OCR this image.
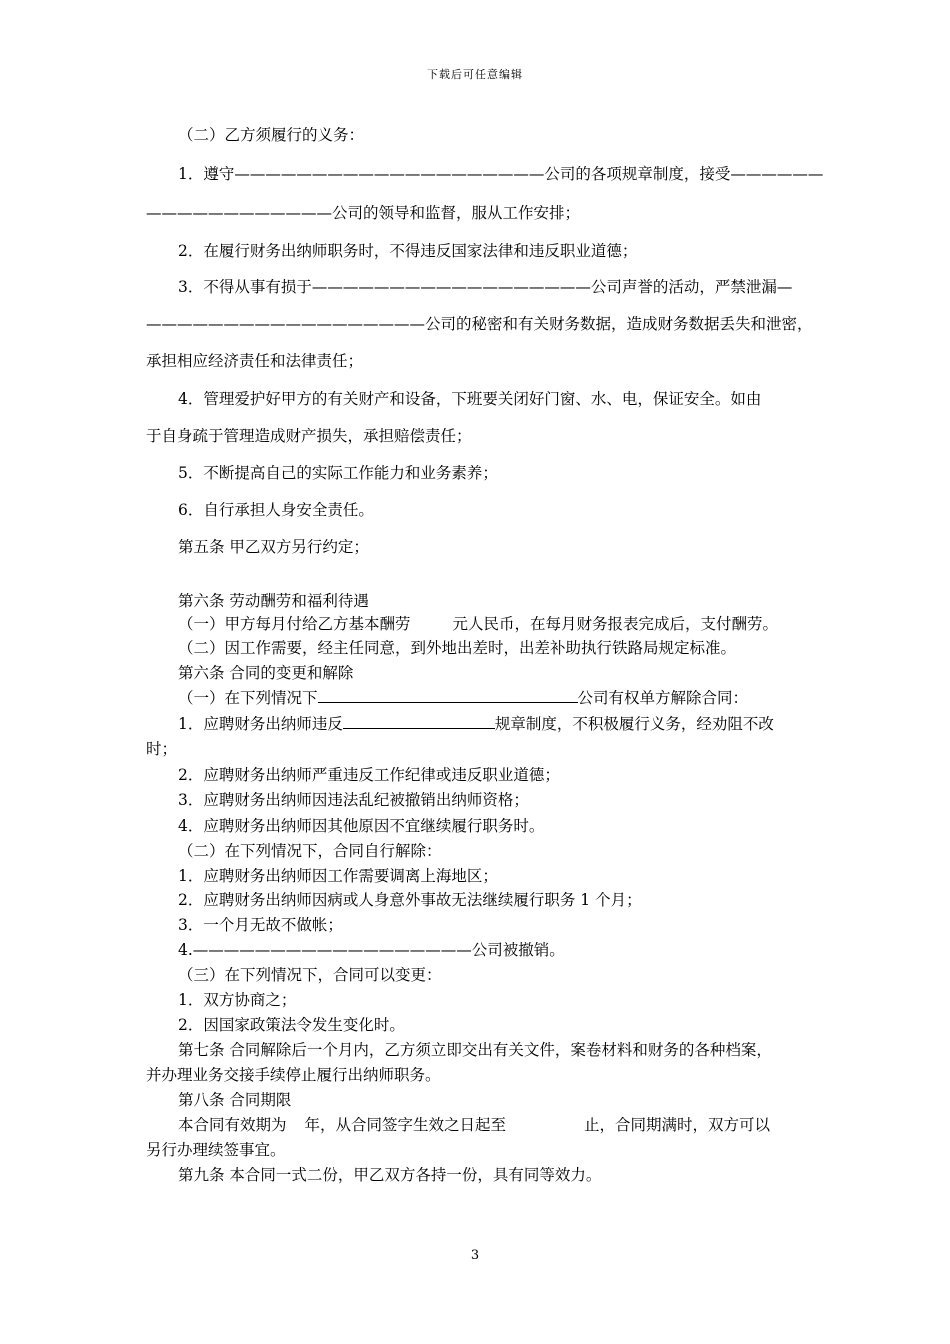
下载后可任意编辑
（二）乙方须履行的义务：
1．遵守————————————————————公司的各项规章制度，接受——————
————————————公司的领导和监督，服从工作安排；
2．在履行财务出纳师职务时，不得违反国家法律和违反职业道德；
3．不得从事有损于——————————————————公司声誉的活动，严禁泄漏—
——————————————————公司的秘密和有关财务数据，造成财务数据丢失和泄密，
承担相应经济责任和法律责任；
4．管理爱护好甲方的有关财产和设备，下班要关闭好门窗、水、电，保证安全。如由
于自身疏于管理造成财产损失，承担赔偿责任；
5．不断提高自己的实际工作能力和业务素养；
6．自行承担人身安全责任。
第五条 甲乙双方另行约定；
第六条 劳动酬劳和福利待遇
（一）甲方每月付给乙方基本酬劳	元人民币，在每月财务报表完成后，支付酬劳。
（二）因工作需要，经主任同意，到外地出差时，出差补助执行铁路局规定标准。
第六条 合同的变更和解除
（一）在下列情况下	公司有权单方解除合同：
1．应聘财务出纳师违反	规章制度，不积极履行义务，经劝阻不改
时；
2．应聘财务出纳师严重违反工作纪律或违反职业道德；
3．应聘财务出纳师因违法乱纪被撤销出纳师资格；
4．应聘财务出纳师因其他原因不宜继续履行职务时。
（二）在下列情况下，合同自行解除：
1．应聘财务出纳师因工作需要调离上海地区；
2．应聘财务出纳师因病或人身意外事故无法继续履行职务 1 个月；
3．一个月无故不做帐；
4.——————————————————公司被撤销。
（三）在下列情况下，合同可以变更：
1．双方协商之；
2．因国家政策法令发生变化时。
第七条 合同解除后一个月内，乙方须立即交出有关文件，案卷材料和财务的各种档案，
并办理业务交接手续停止履行出纳师职务。
第八条 合同期限
本合同有效期为 年，从合同签字生效之日起至	止，合同期满时，双方可以
另行办理续签事宜。
第九条 本合同一式二份，甲乙双方各持一份，具有同等效力。
3
